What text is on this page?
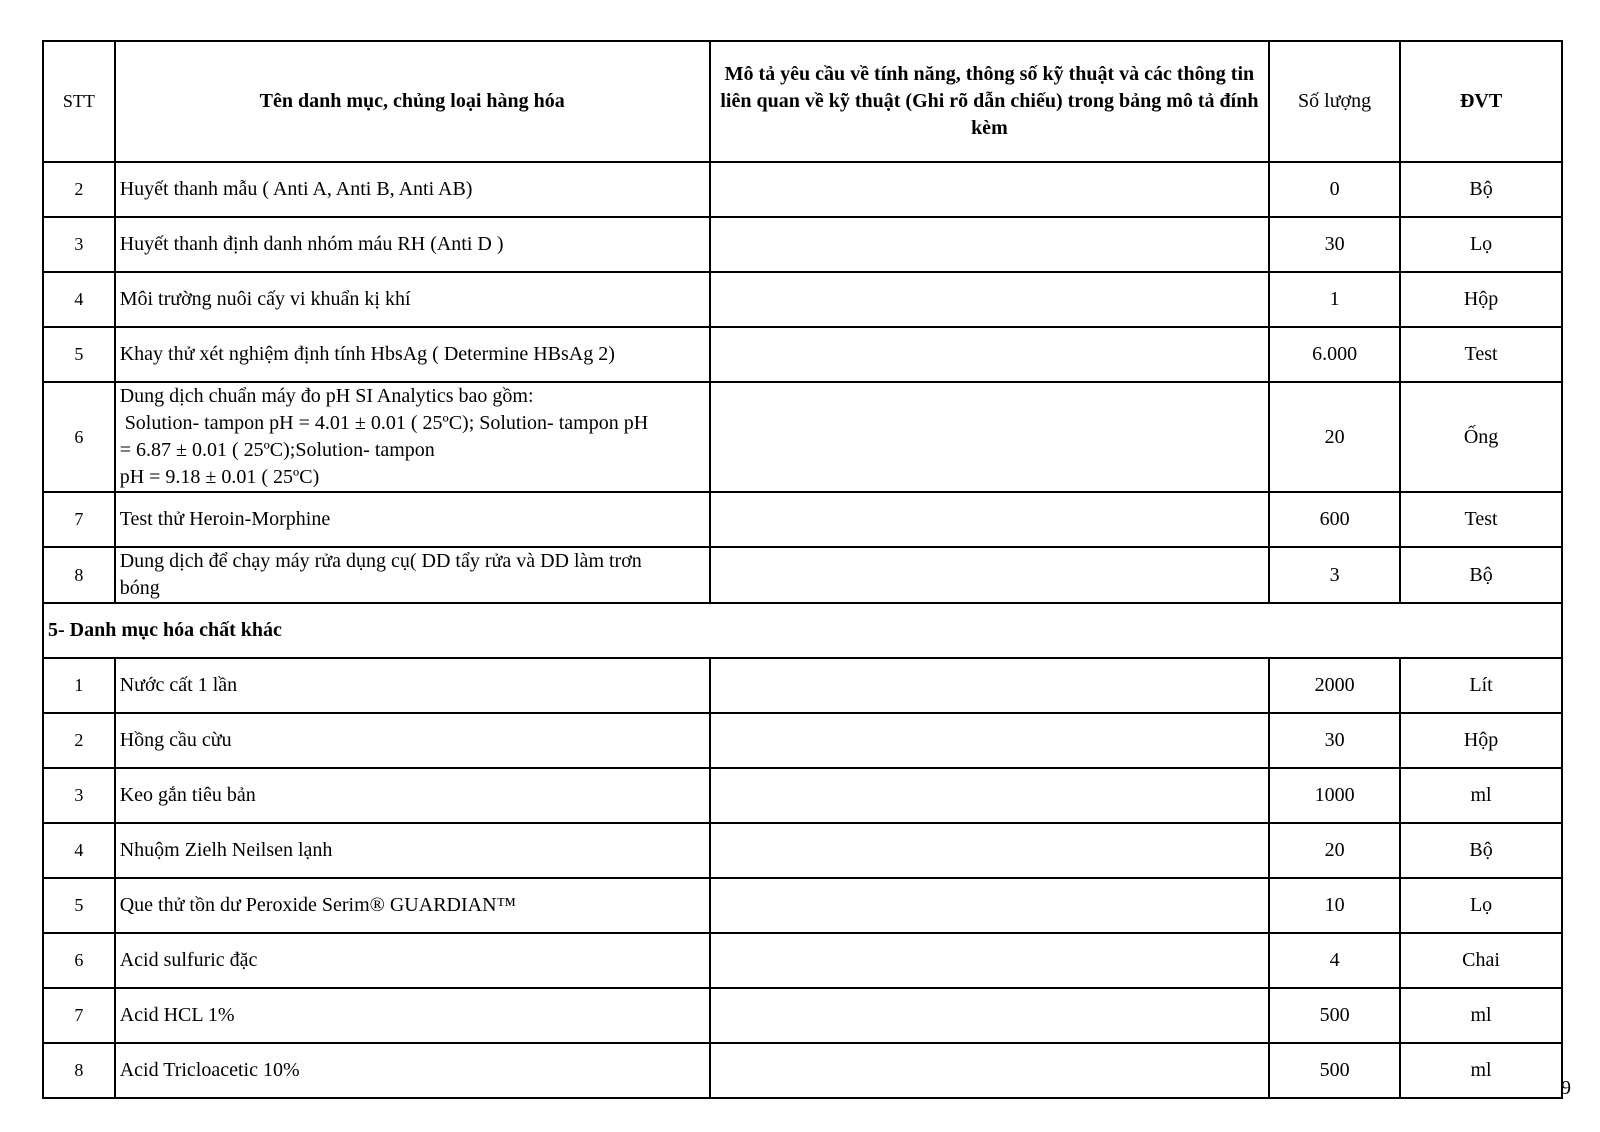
STT	Tên danh mục, chủng loại hàng hóa	Mô tả yêu cầu về tính năng, thông số kỹ thuật và các thông tin liên quan về kỹ thuật (Ghi rõ dẫn chiếu) trong bảng mô tả đính kèm	Số lượng	ĐVT
2	Huyết thanh mẫu ( Anti A, Anti B, Anti AB)		0	Bộ
3	Huyết thanh định danh nhóm máu RH (Anti D )		30	Lọ
4	Môi trường nuôi cấy vi khuẩn kị khí		1	Hộp
5	Khay thử xét nghiệm định tính HbsAg ( Determine HBsAg 2)		6.000	Test
6	Dung dịch chuẩn máy đo pH SI Analytics bao gồm:
Solution- tampon pH = 4.01 ± 0.01 ( 25ºC); Solution- tampon pH
= 6.87 ± 0.01 ( 25ºC);Solution- tampon
pH = 9.18 ± 0.01 ( 25ºC)		20	Ống
7	Test thử Heroin-Morphine		600	Test
8	Dung dịch để chạy máy rửa dụng cụ( DD tẩy rửa và DD làm trơn
bóng		3	Bộ
5- Danh mục hóa chất khác				
1	Nước cất 1 lần		2000	Lít
2	Hồng cầu cừu		30	Hộp
3	Keo gắn tiêu bản		1000	ml
4	Nhuộm Zielh Neilsen lạnh		20	Bộ
5	Que thử tồn dư Peroxide Serim® GUARDIAN™		10	Lọ
6	Acid sulfuric đặc		4	Chai
7	Acid HCL 1%		500	ml
8	Acid Tricloacetic 10%		500	ml
9
